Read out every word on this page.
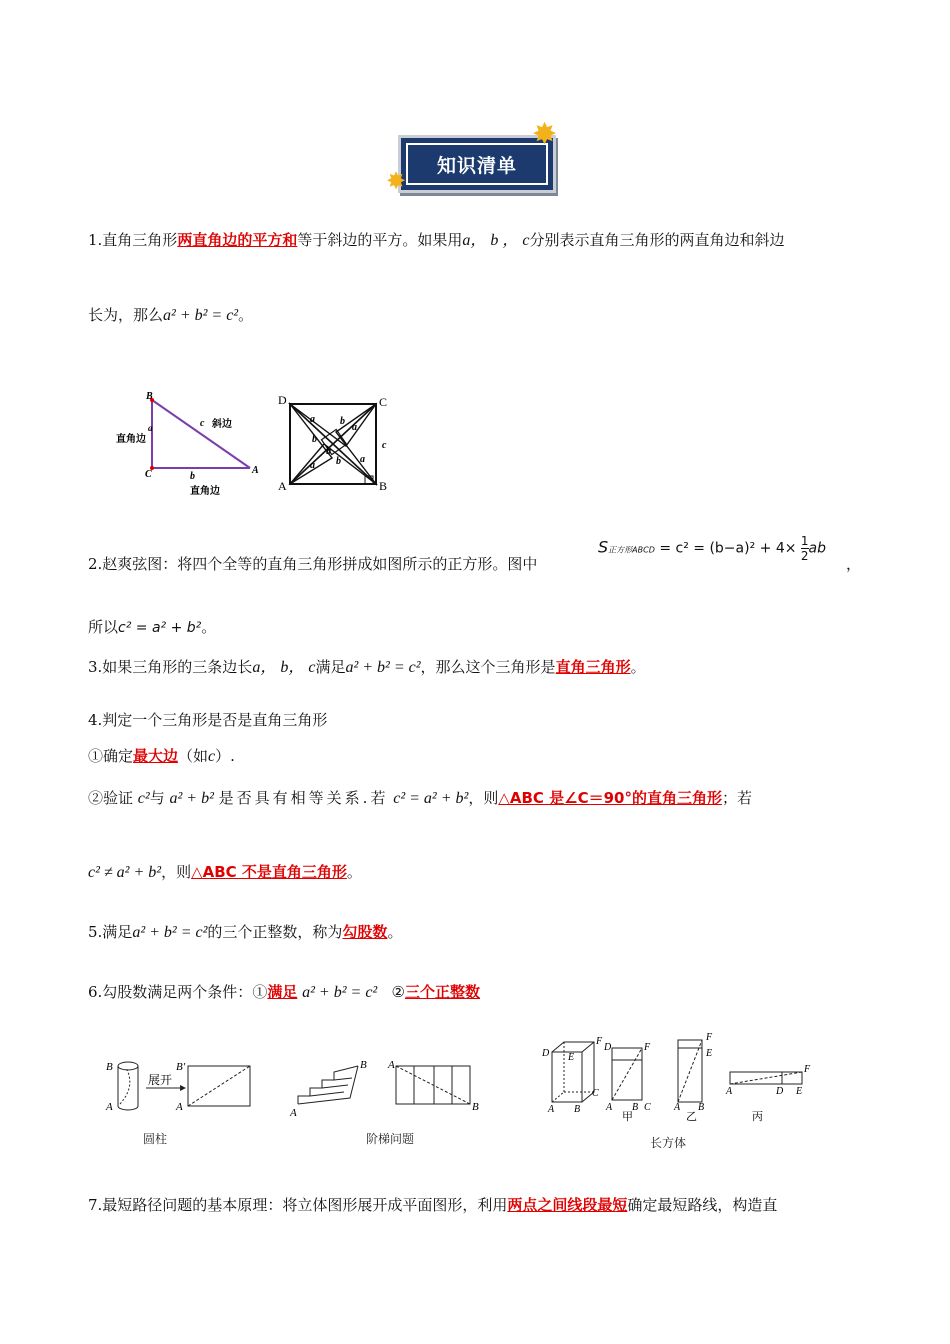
知识清单
✸
✸
1.直角三角形两直角边的平方和等于斜边的平方。如果用a， b ， c分别表示直角三角形的两直角边和斜边
长为，那么a² + b² = c²。
B
C	A
c 斜边
a
b
直角边
直角边
D	C
A	B
a	b
b
a
c
b a
a
b
2.赵爽弦图：将四个全等的直角三角形拼成如图所示的正方形。图中
S正方形ABCD = $c^2 = (b-a)^2 + 4\times \frac{1}{2}$ ab
，
所以c² = a² + b²。
3.如果三角形的三条边长a， b， c满足a² + b² = c²，那么这个三角形是直角三角形。
4.判定一个三角形是否是直角三角形
①确定最大边（如c）.
②验证 c²与 a² + b² 是否具有相等关系.若 c² = a² + b²，则△ABC 是∠C＝90°的直角三角形；若
c² ≠ a² + b²，则△ABC 不是直角三角形。
5.满足a² + b² = c²的三个正整数，称为勾股数。
6.勾股数满足两个条件：①满足 a² + b² = c² ②三个正整数
B
A
展开
B′
A
圆柱
A
B A
B
阶梯问题
D E
F
C
A B
D	F
A B C
F
E
A B
F
A	D E
甲	乙	丙
长方体
7.最短路径问题的基本原理：将立体图形展开成平面图形，利用两点之间线段最短确定最短路线，构造直
